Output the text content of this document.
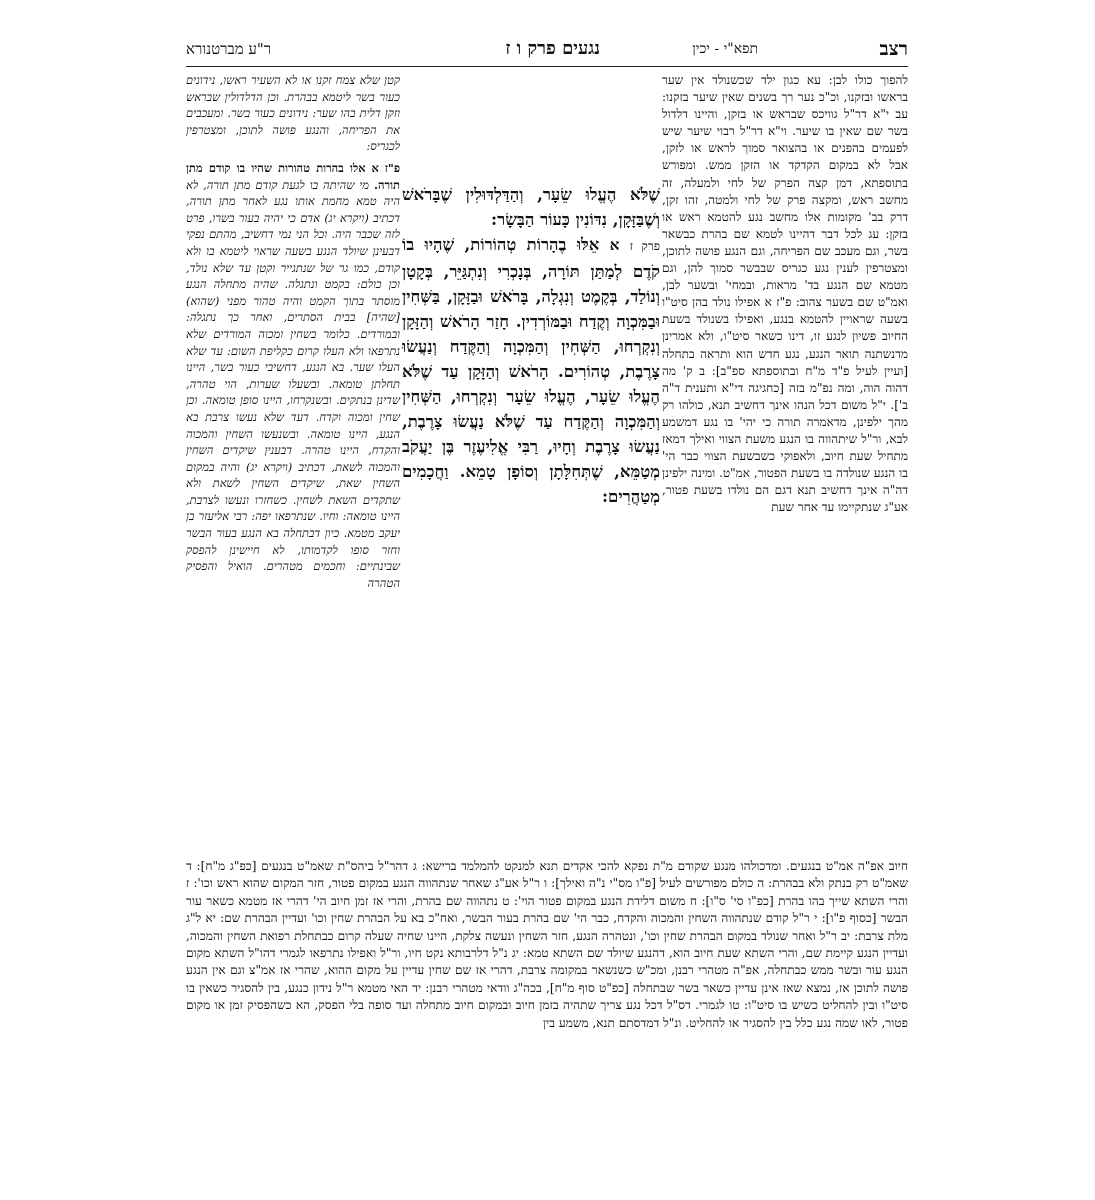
רצב
תפא"י - יכין
נגעים פרק ו ז
ר"ע מברטנורא
להפוך כולו לבן: עא כגון ילד שכשנולד אין שער בראשו ובזקנו, וכ"כ נער רך בשנים שאין שיער בזקנו: עב י"א דר"ל גוויכס שבראש או בזקן, והיינו דלדול בשר שם שאין בו שיער. וי"א דר"ל רבוי שיער שיש לפעמים בהפנים או בהצואר סמוך לראש או לזקן, אבל לא במקום הקדקד או הזקן ממש. ומפורש בתוספתא, דמן קצה הפרק של לחי ולמעלה, זה מחשב ראש, ומקצה פרק של לחי ולמטה, זהו זקן, דרק בב' מקומות אלו מחשב נגע להטמא ראש או בזקן: עג לכל דבר דהיינו לטמא שם בהרת כבשאר בשר, וגם מעכב שם הפריחה, וגם הנגע פושה לתוכן, ומצטרפין לענין נגע כגריס שבבשר סמוך להן, וגם מטמא שם הנגע בד' מראות, ובמחי' ובשער לבן, ואמ"ט שם בשער צהוב: פ"ז א אפילו נולד בהן סיט"ו בשעה שראויין להטמא בנגע, ואפילו בשנולד בשעת החיוב פשיון לנגע זו, דינו כשאר סיט"ו, ולא אמרינן מדנשתנה תואר הנגע, נגע חדש הוא ותראה בתחלה [ועיין לעיל פ"ד מ"ח ובתוספתא ספ"ב]: ב ק' מה דהוה הוה, ומה נפ"מ בזה [כחגיגה די"א ותענית ד"ה ב']. י"ל משום דכל הנהו אינך דחשיב תנא, כולהו רק מהך ילפינן, מדאמרה תורה כי יהי' בו נגע דמשמע לבא, ור"ל שיתהווה בו הנגע משעת הצווי ואילך דמאז מתחיל שעת חיוב, ולאפוקי כשבשעת הצווי כבר הי' בו הנגע שנולדה בו בשעת הפטור, אמ"ט. ומינה ילפינן דה"ה אינך דחשיב תנא דגם הם נולדו בשעת פטור, אע"ג שנתקיימו עד אחר שעת
שֶׁלֹּא הֶעֱלוּ שֵׂעָר, וְהַדַּלְדּוּלִין שֶׁבָּרֹאשׁ וְשֶׁבַּזָּקָן, נִדּוֹנִין כָּעוֹר הַבָּשָׂר:
פרק ז א אֵלּוּ בֶהָרוֹת טְהוֹרוֹת, שֶׁהָיוּ בוֹ קֹדֶם לְמַתַּן תּוֹרָה, בְּנָכְרִי וְנִתְגַּיֵּר, בְּקָטָן וְנוֹלַד, בְּקֶמֶט וְנִגְלָה, בָּרֹאשׁ וּבַזָּקָן, בַּשְּׁחִין וּבַמִּכְוָה וְקֶדַח וּבַמּוֹרְדִין. חָזַר הָרֹאשׁ וְהַזָּקָן וְנִקְרְחוּ, הַשְּׁחִין וְהַמִּכְוָה וְהַקֶּדַח וְנַעֲשׂוּ צָרֶבֶת, טְהוֹרִים. הָרֹאשׁ וְהַזָּקָן עַד שֶׁלֹּא הֶעֱלוּ שֵׂעָר, הֶעֱלוּ שֵׂעָר וְנִקְרְחוּ, הַשְּׁחִין וְהַמִּכְוָה וְהַקֶּדַח עַד שֶׁלֹּא נַעֲשׂוּ צָרֶבֶת, נַעֲשׂוּ צָרֶבֶת וְחָיוּ, רַבִּי אֱלִיעֶזֶר בֶּן יַעֲקֹב מְטַמֵּא, שֶׁתְּחִלָּתָן וְסוֹפָן טָמֵא. וַחֲכָמִים מְטַהֲרִים:
קטן שלא צמח זקנו או לא השעיר ראשו, נידונים כעור בשר ליטמא בבהרת. וכן הדלדולין שבראש וזקן דלית בהו שער: נידונים כעור בשר. ומעכבים את הפריחה, והנגע פושה לתוכן, ומצטרפין לכגריס:
פ"ז א אלו בהרות טהורות שהיו בו קודם מתן תורה. מי שהיתה בו לגעת קודם מתן תורה, לא היה טמא מחמת אותו נגע לאחר מתן תורה, דכתיב (ויקרא יג) אדם כי יהיה בעור בשרו, פרט לזה שכבר היה. וכל הני נמי דחשיב, מהתם נפקי דבעינן שיולד הנגע בשעה שראוי ליטמא בו ולא קודם, כמו גר של שנתגייר וקטן עד שלא נולד, וכן כולם: בקמט ונתגלה. שהיה מתחלה הנגע מוסתר בתוך הקמט והיה טהור מפני (שהוא) [שהיה] בבית הסתרים, ואחר כך נתגלה: ובמורדים. כלומר בשחין ומכוה המורדים שלא נתרפאו ולא העלו קרום כקליפת השום: עד שלא העלו שער. בא הנגע, דחשיבי כעור בשר, היינו תחלתן טומאה. ובשעלו שערות, הוי טהרה, שדינן בנתקים. ובשנקרחו, היינו סופן טומאה. וכן שחין ומכוה וקדח. דעד שלא נעשו צרבת בא הנגע, היינו טומאה. ובשנעשו השחין והמכוה והקדח, היינו טהרה. דבענין שיקדים השחין והמכוה לשאת, דכתיב (ויקרא יג) והיה במקום השחין שאת, שיקדים השחין לשאת ולא שתקדים השאת לשחין. כשחזרו ונעשו לצרבת, היינו טומאה: וחיו. שנתרפאו יפה: רבי אליעזר בן יעקב מטמא. כיון דבתחלה בא הנגע בעור הבשר וחזר סופו לקדמותו, לא חיישינן להפסק שבינתיים: וחכמים מטהרים. הואיל והפסיק הטהרה
חיוב אפ"ה אמ"ט בנגעים. ומדכולהו מנגע שקודם מ"ת נפקא להכי אקדים תנא למנקט להמלמד ברישא: ג דהר"ל ביהס"ת שאמ"ט בנגעים [כפ"ג מ"ח]: ד שאמ"ט רק בנתק ולא בבהרת: ה כולם מפורשים לעיל [פ"ו מס"י נ"ה ואילך]: ו ר"ל אע"ג שאחר שנתהווה הנגע במקום פטור, חזר המקום שהוא ראש וכו': ז והרי השתא שייך בהו בהרת [כפ"ו סי' ס"ו]: ח משום דלידת הנגע במקום פטור הוי': ט נתהווה שם בהרת, והרי אז זמן חיוב הי' דהרי אז מטמא כשאר עור הבשר [כסוף פ"ו]: י ר"ל קודם שנתהווה השחין והמכוה והקדח, כבר הי' שם בהרת בעור הבשר, ואח"כ בא על הבהרת שחין וכו' ועדיין הבהרת שם: יא ל"ג מלת צרבת: יב ר"ל ואחר שנולד במקום הבהרת שחין וכו', ונטהרה הנגע, חזר השחין ונעשה צלקת, היינו שחיה שעלה קרום כבתחלת רפואת השחין והמכוה, ועדיין הנגע קיימת שם, והרי השתא שעת חיוב הוא, דהנגע שיולד שם השתא טמא: יג נ"ל דלרבותא נקט חיו, ור"ל ואפילו נתרפאו לגמרי דהו"ל השתא מקום הנגע עור ובשר ממש כבתחלה, אפ"ה מטהרי רבנן, ומכ"ש כשנשאר במקומה צרבת, דהרי אז שם שחין עדיין על מקום ההוא, שהרי אז אמ"צ וגם אין הנגע פושה לתוכן אז, נמצא שאז אינן עדיין כשאר בשר שבתחלה [כפ"ט סוף מ"ח], בכה"ג וודאי מטהרי רבנן: יד האי מטמא ר"ל נידון כנגע, בין להסגיר כשאין בו סיט"ו ובין להחליט כשיש בו סיט"ו: טו לגמרי. דס"ל דכל נגע צריך שתהיה בזמן חיוב ובמקום חיוב מתחלה ועד סופה בלי הפסק, הא כשהפסיק זמן או מקום פטור, לאו שמה נגע כלל בין להסגיר או להחליט. ונ"ל דמדסתם תנא, משמע בין
